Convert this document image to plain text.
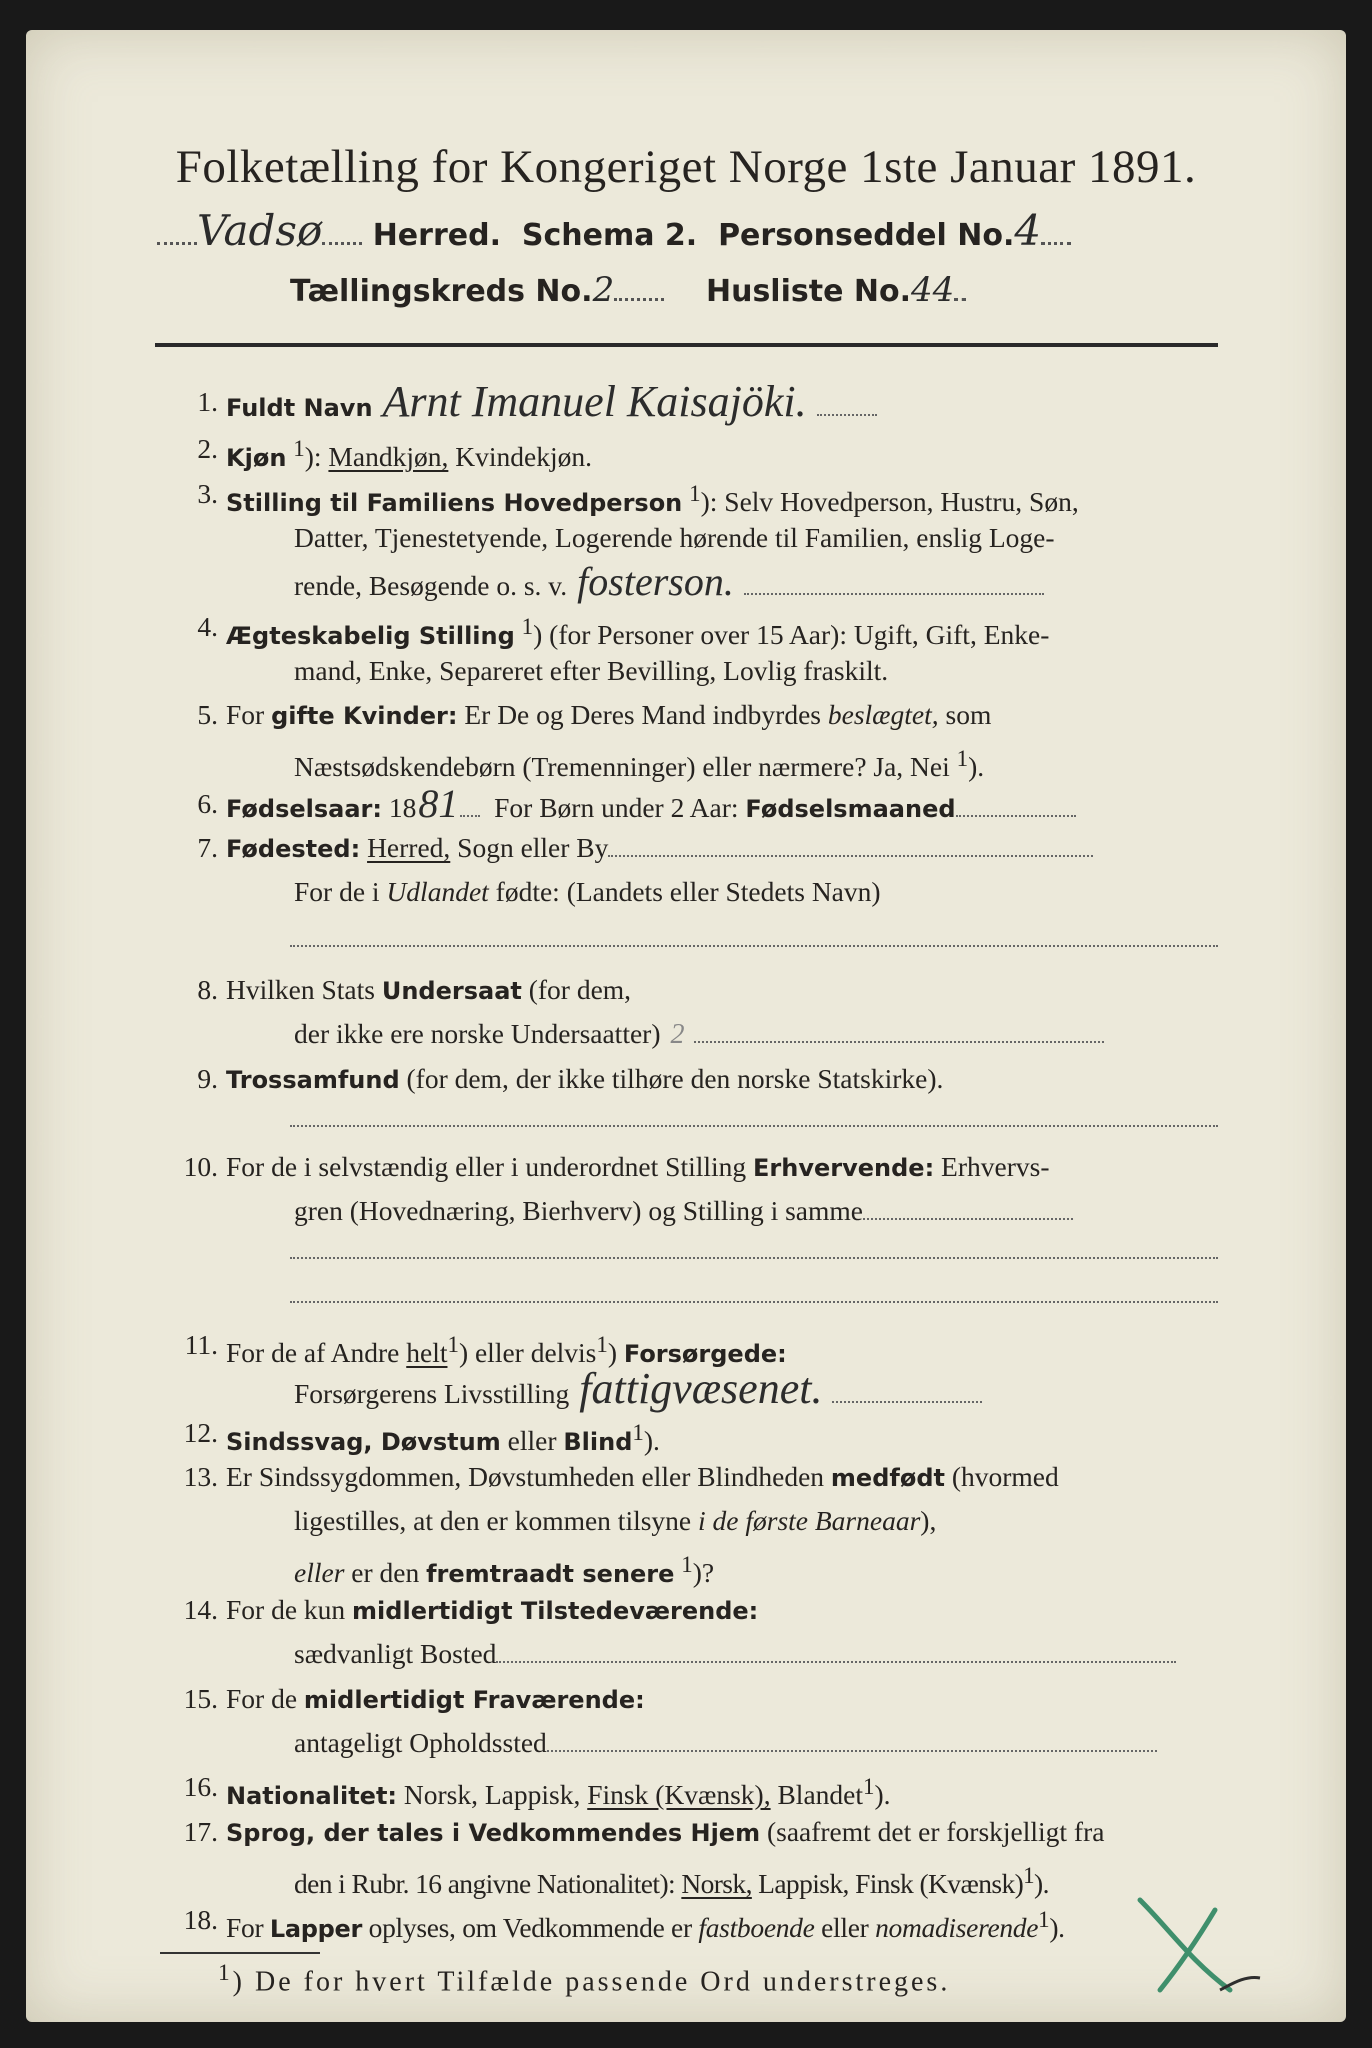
Folketælling for Kongeriget Norge 1ste Januar 1891.
Vadsø Herred. Schema 2. Personseddel No.4
Tællingskreds No.2	Husliste No.44
1. Fuldt Navn Arnt Imanuel Kaisajöki.
2. Kjøn $^1$): Mandkjøn, Kvindekjøn.
3. Stilling til Familiens Hovedperson $^1$): Selv Hovedperson, Hustru, Søn,
Datter, Tjenestetyende, Logerende hørende til Familien, enslig Loge-
rende, Besøgende o. s. v. fosterson.
4. Ægteskabelig Stilling $^1$) (for Personer over 15 Aar): Ugift, Gift, Enke-
mand, Enke, Separeret efter Bevilling, Lovlig fraskilt.
5. For gifte Kvinder: Er De og Deres Mand indbyrdes beslægtet, som
Næstsødskendebørn (Tremenninger) eller nærmere? Ja, Nei $^1$).
6. Fødselsaar: 1881 For Børn under 2 Aar: Fødselsmaaned
7. Fødested: Herred, Sogn eller By
For de i Udlandet fødte: (Landets eller Stedets Navn)
8. Hvilken Stats Undersaat (for dem,
der ikke ere norske Undersaatter) 2
9. Trossamfund (for dem, der ikke tilhøre den norske Statskirke).
10. For de i selvstændig eller i underordnet Stilling Erhvervende: Erhvervs-
gren (Hovednæring, Bierhverv) og Stilling i samme
11. For de af Andre helt$^1$) eller delvis$^1$) Forsørgede:
Forsørgerens Livsstilling fattigvæsenet.
12. Sindssvag, Døvstum eller Blind$^1$).
13. Er Sindssygdommen, Døvstumheden eller Blindheden medfødt (hvormed
ligestilles, at den er kommen tilsyne i de første Barneaar),
eller er den fremtraadt senere $^1$)?
14. For de kun midlertidigt Tilstedeværende:
sædvanligt Bosted
15. For de midlertidigt Fraværende:
antageligt Opholdssted
16. Nationalitet: Norsk, Lappisk, Finsk (Kvænsk), Blandet$^1$).
17. Sprog, der tales i Vedkommendes Hjem (saafremt det er forskjelligt fra
den i Rubr. 16 angivne Nationalitet): Norsk, Lappisk, Finsk (Kvænsk)$^1$).
18. For Lapper oplyses, om Vedkommende er fastboende eller nomadiserende$^1$).
$^1$) De for hvert Tilfælde passende Ord understreges.
